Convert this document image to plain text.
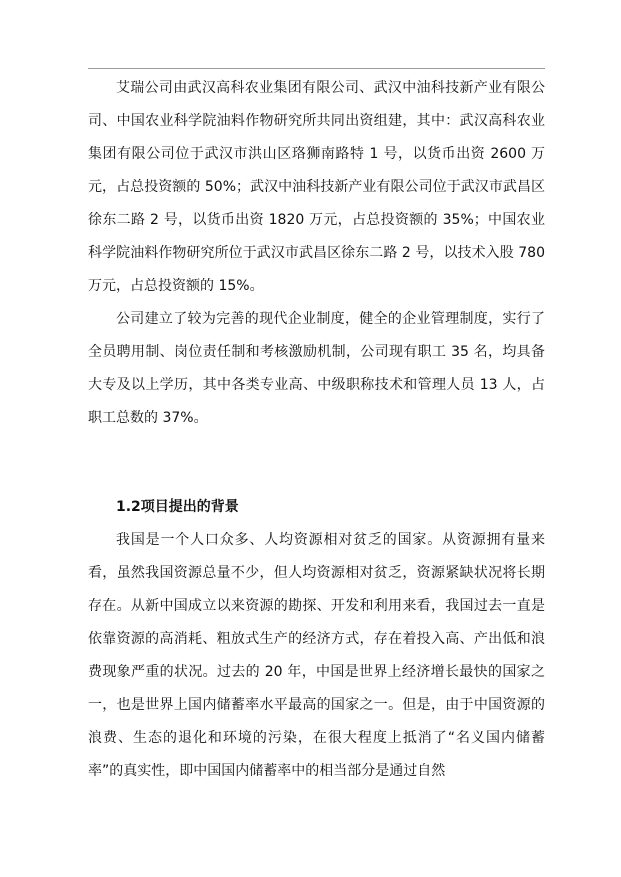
艾瑞公司由武汉高科农业集团有限公司、武汉中油科技新产业有限公司、中国农业科学院油料作物研究所共同出资组建，其中：武汉高科农业集团有限公司位于武汉市洪山区珞狮南路特 1 号，以货币出资 2600 万元，占总投资额的 50%；武汉中油科技新产业有限公司位于武汉市武昌区徐东二路 2 号，以货币出资 1820 万元，占总投资额的 35%；中国农业科学院油料作物研究所位于武汉市武昌区徐东二路 2 号，以技术入股 780 万元，占总投资额的 15%。

公司建立了较为完善的现代企业制度，健全的企业管理制度，实行了全员聘用制、岗位责任制和考核激励机制，公司现有职工 35 名，均具备大专及以上学历，其中各类专业高、中级职称技术和管理人员 13 人，占职工总数的 37%。

1.2项目提出的背景

我国是一个人口众多、人均资源相对贫乏的国家。从资源拥有量来看，虽然我国资源总量不少，但人均资源相对贫乏，资源紧缺状况将长期存在。从新中国成立以来资源的勘探、开发和利用来看，我国过去一直是依靠资源的高消耗、粗放式生产的经济方式，存在着投入高、产出低和浪费现象严重的状况。过去的 20 年，中国是世界上经济增长最快的国家之一，也是世界上国内储蓄率水平最高的国家之一。但是，由于中国资源的浪费、生态的退化和环境的污染，在很大程度上抵消了“名义国内储蓄率”的真实性，即中国国内储蓄率中的相当部分是通过自然
